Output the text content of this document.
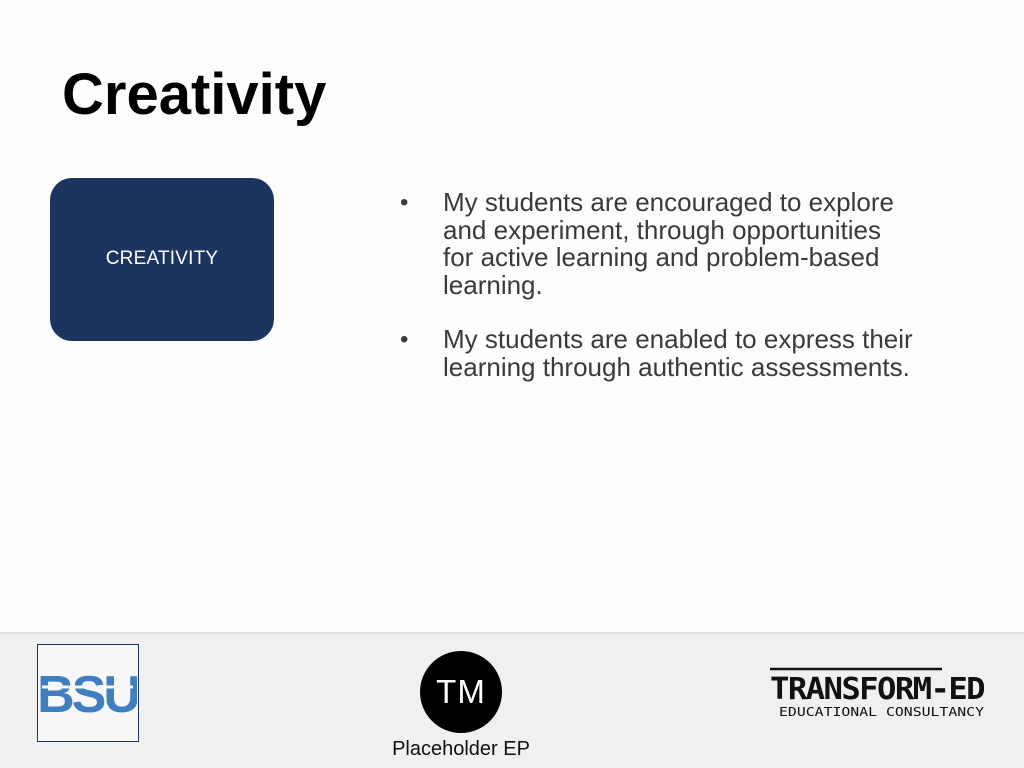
Creativity
CREATIVITY
• My students are encouraged to explore and experiment, through opportunities for active learning and problem-based learning.
• My students are enabled to express their learning through authentic assessments.
BSU	TM
Placeholder EP
TRANSFORM-ED
EDUCATIONAL CONSULTANCY
